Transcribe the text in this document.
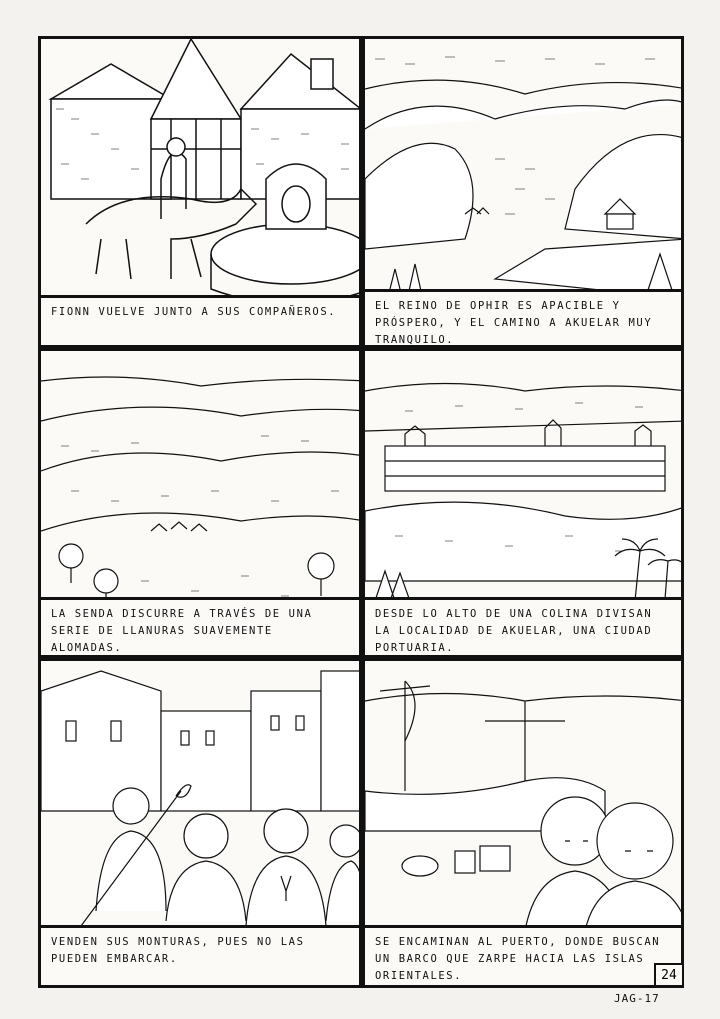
FIONN VUELVE JUNTO A SUS COMPAÑEROS.	EL REINO DE OPHIR ES APACIBLE Y PRÓSPERO, Y EL CAMINO A AKUELAR MUY TRANQUILO.
LA SENDA DISCURRE A TRAVÉS DE UNA SERIE DE LLANURAS SUAVEMENTE ALOMADAS.
DESDE LO ALTO DE UNA COLINA DIVISAN LA LOCALIDAD DE AKUELAR, UNA CIUDAD PORTUARIA.
VENDEN SUS MONTURAS, PUES NO LAS PUEDEN EMBARCAR.
SE ENCAMINAN AL PUERTO, DONDE BUSCAN UN BARCO QUE ZARPE HACIA LAS ISLAS ORIENTALES.	24
JAG-17
